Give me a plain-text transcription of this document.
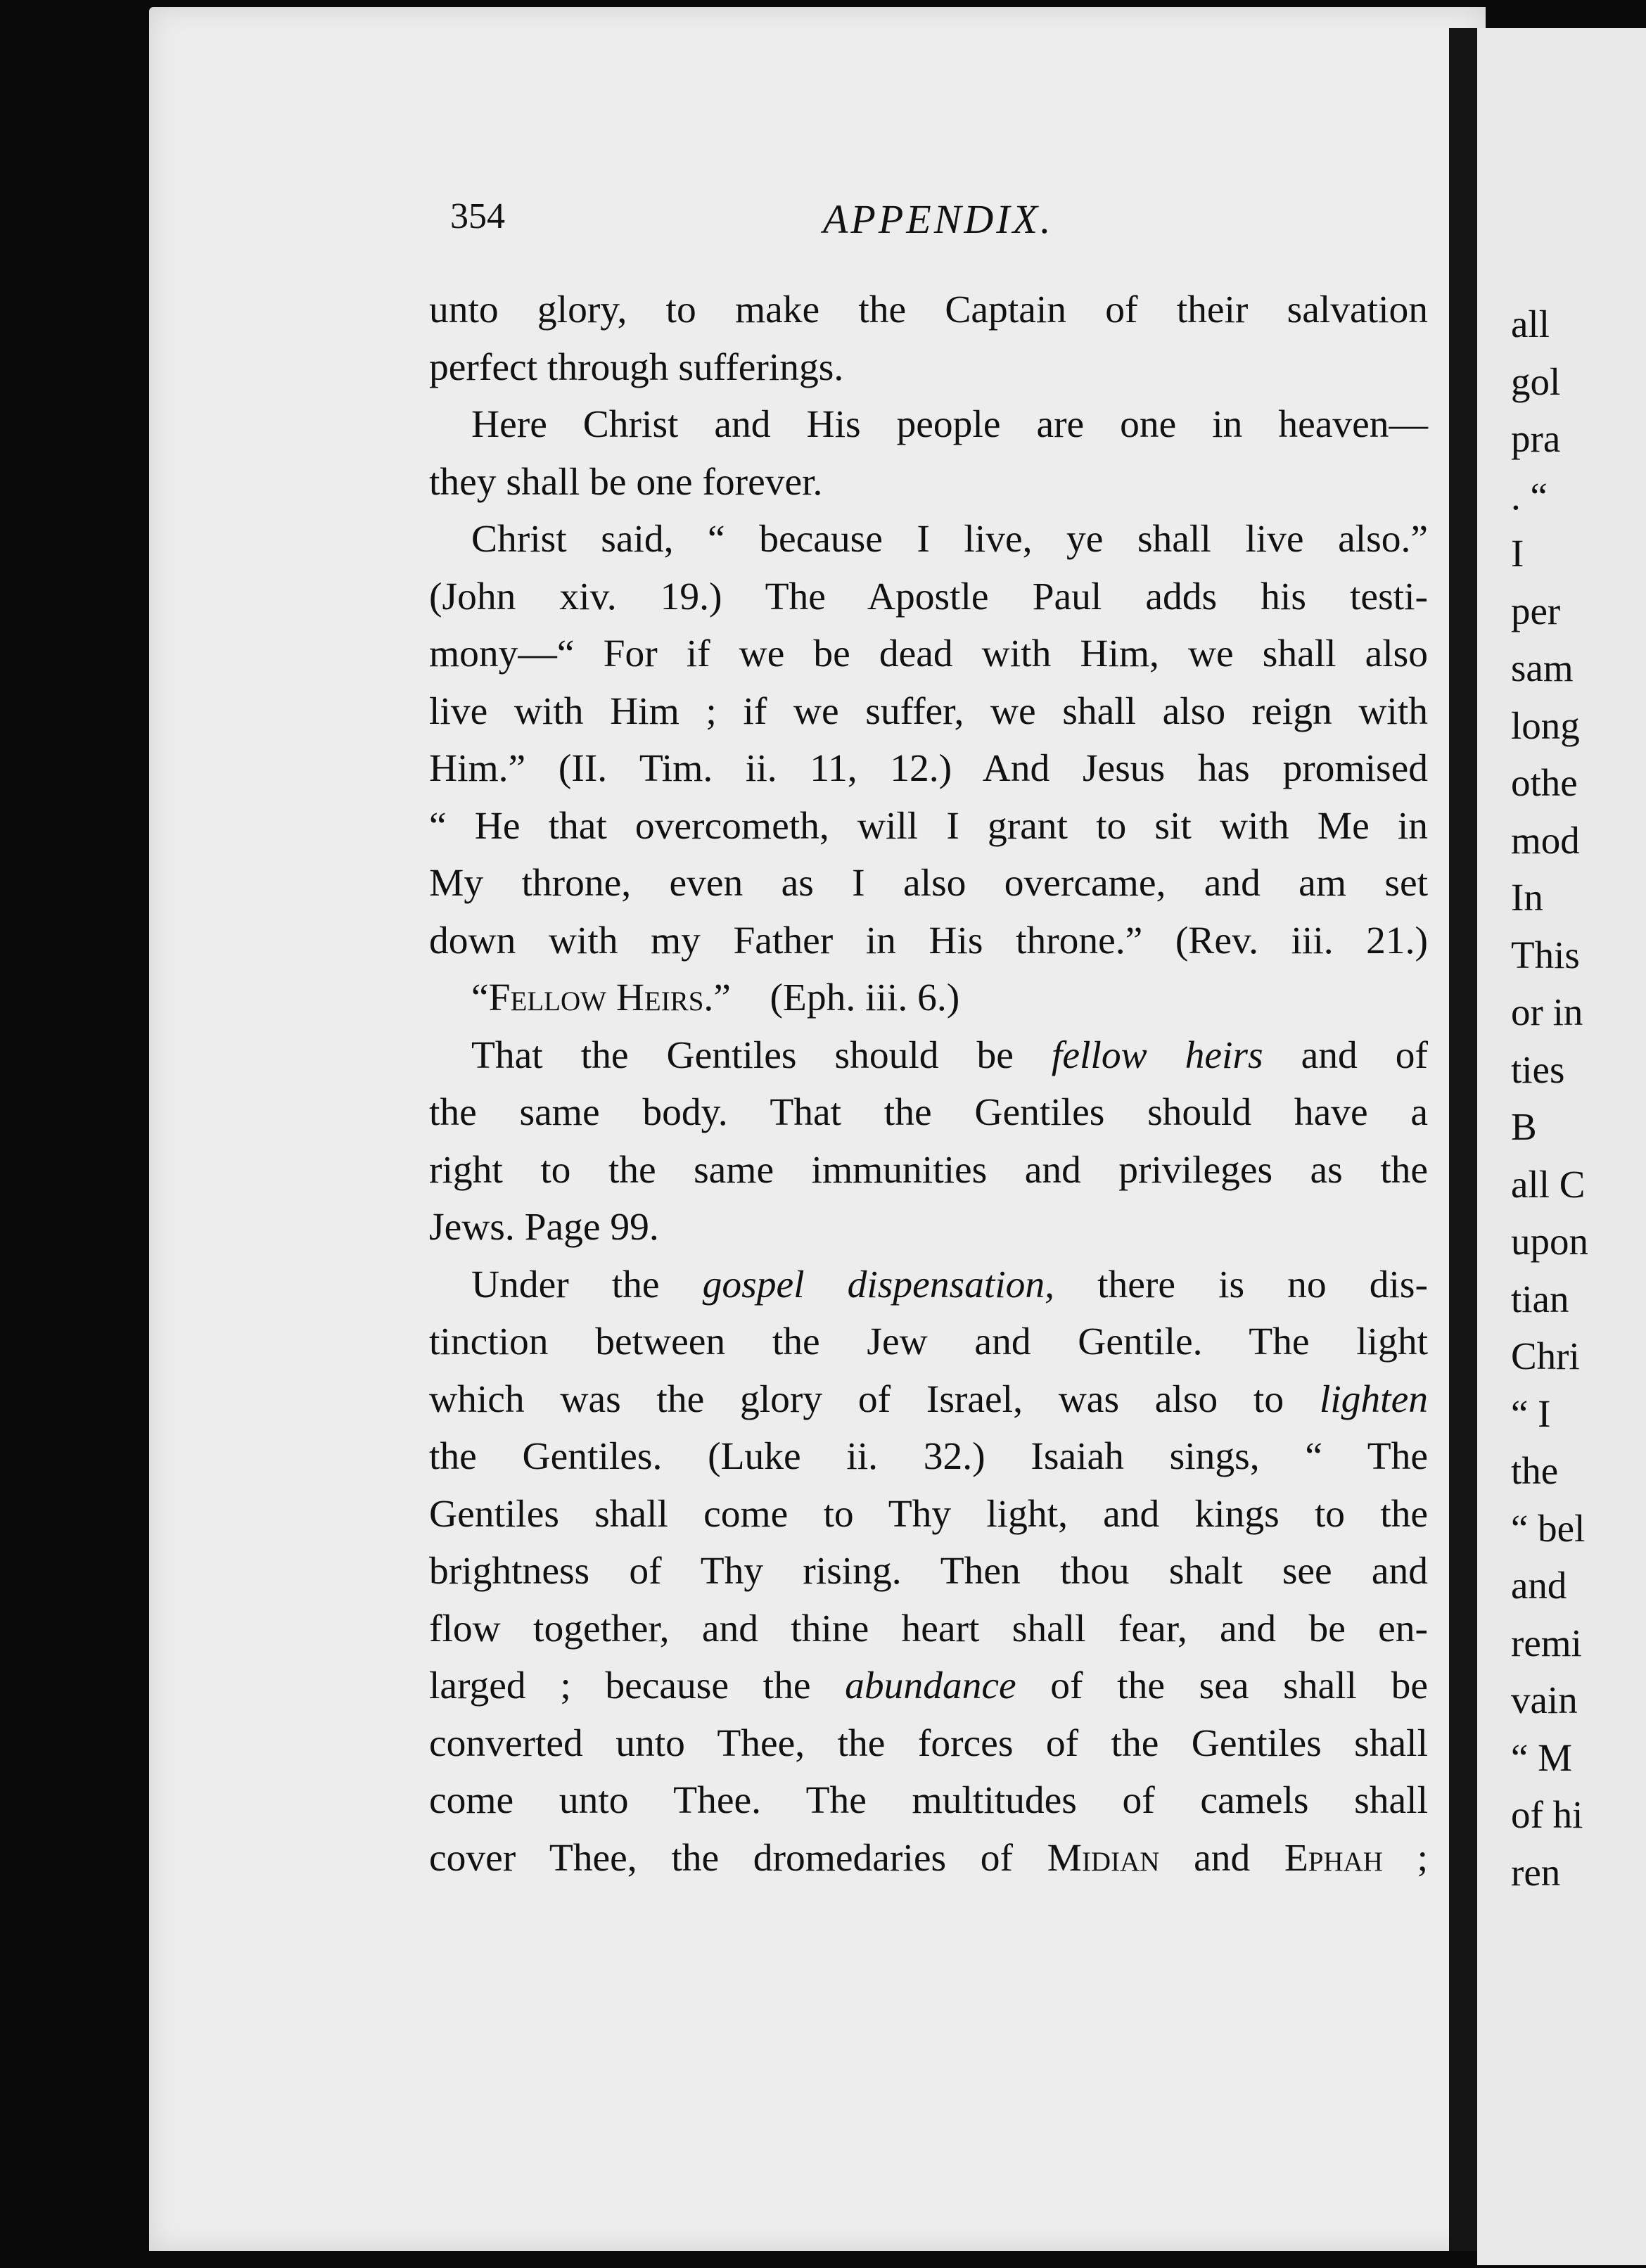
354	APPENDIX.

unto glory, to make the Captain of their salvation
perfect through sufferings.

Here Christ and His people are one in heaven—
they shall be one forever.

Christ said, “ because I live, ye shall live also.”
(John xiv. 19.) The Apostle Paul adds his testi-
mony—“ For if we be dead with Him, we shall also
live with Him ; if we suffer, we shall also reign with
Him.” (II. Tim. ii. 11, 12.) And Jesus has promised
“ He that overcometh, will I grant to sit with Me in
My throne, even as I also overcame, and am set
down with my Father in His throne.” (Rev. iii. 21.)

“Fellow Heirs.” (Eph. iii. 6.)

That the Gentiles should be fellow heirs and of
the same body. That the Gentiles should have a
right to the same immunities and privileges as the
Jews. Page 99.

Under the gospel dispensation, there is no dis-
tinction between the Jew and Gentile. The light
which was the glory of Israel, was also to lighten
the Gentiles. (Luke ii. 32.) Isaiah sings, “ The
Gentiles shall come to Thy light, and kings to the
brightness of Thy rising. Then thou shalt see and
flow together, and thine heart shall fear, and be en-
larged ; because the abundance of the sea shall be
converted unto Thee, the forces of the Gentiles shall
come unto Thee. The multitudes of camels shall
cover Thee, the dromedaries of Midian and Ephah ;

all
gol
pra
. “
I
per
sam
long
othe
mod
In
This
or in
ties
B
all C
upon
tian
Chri
“ I
the
“ bel
and
remi
vain
“ M
of hi
ren
